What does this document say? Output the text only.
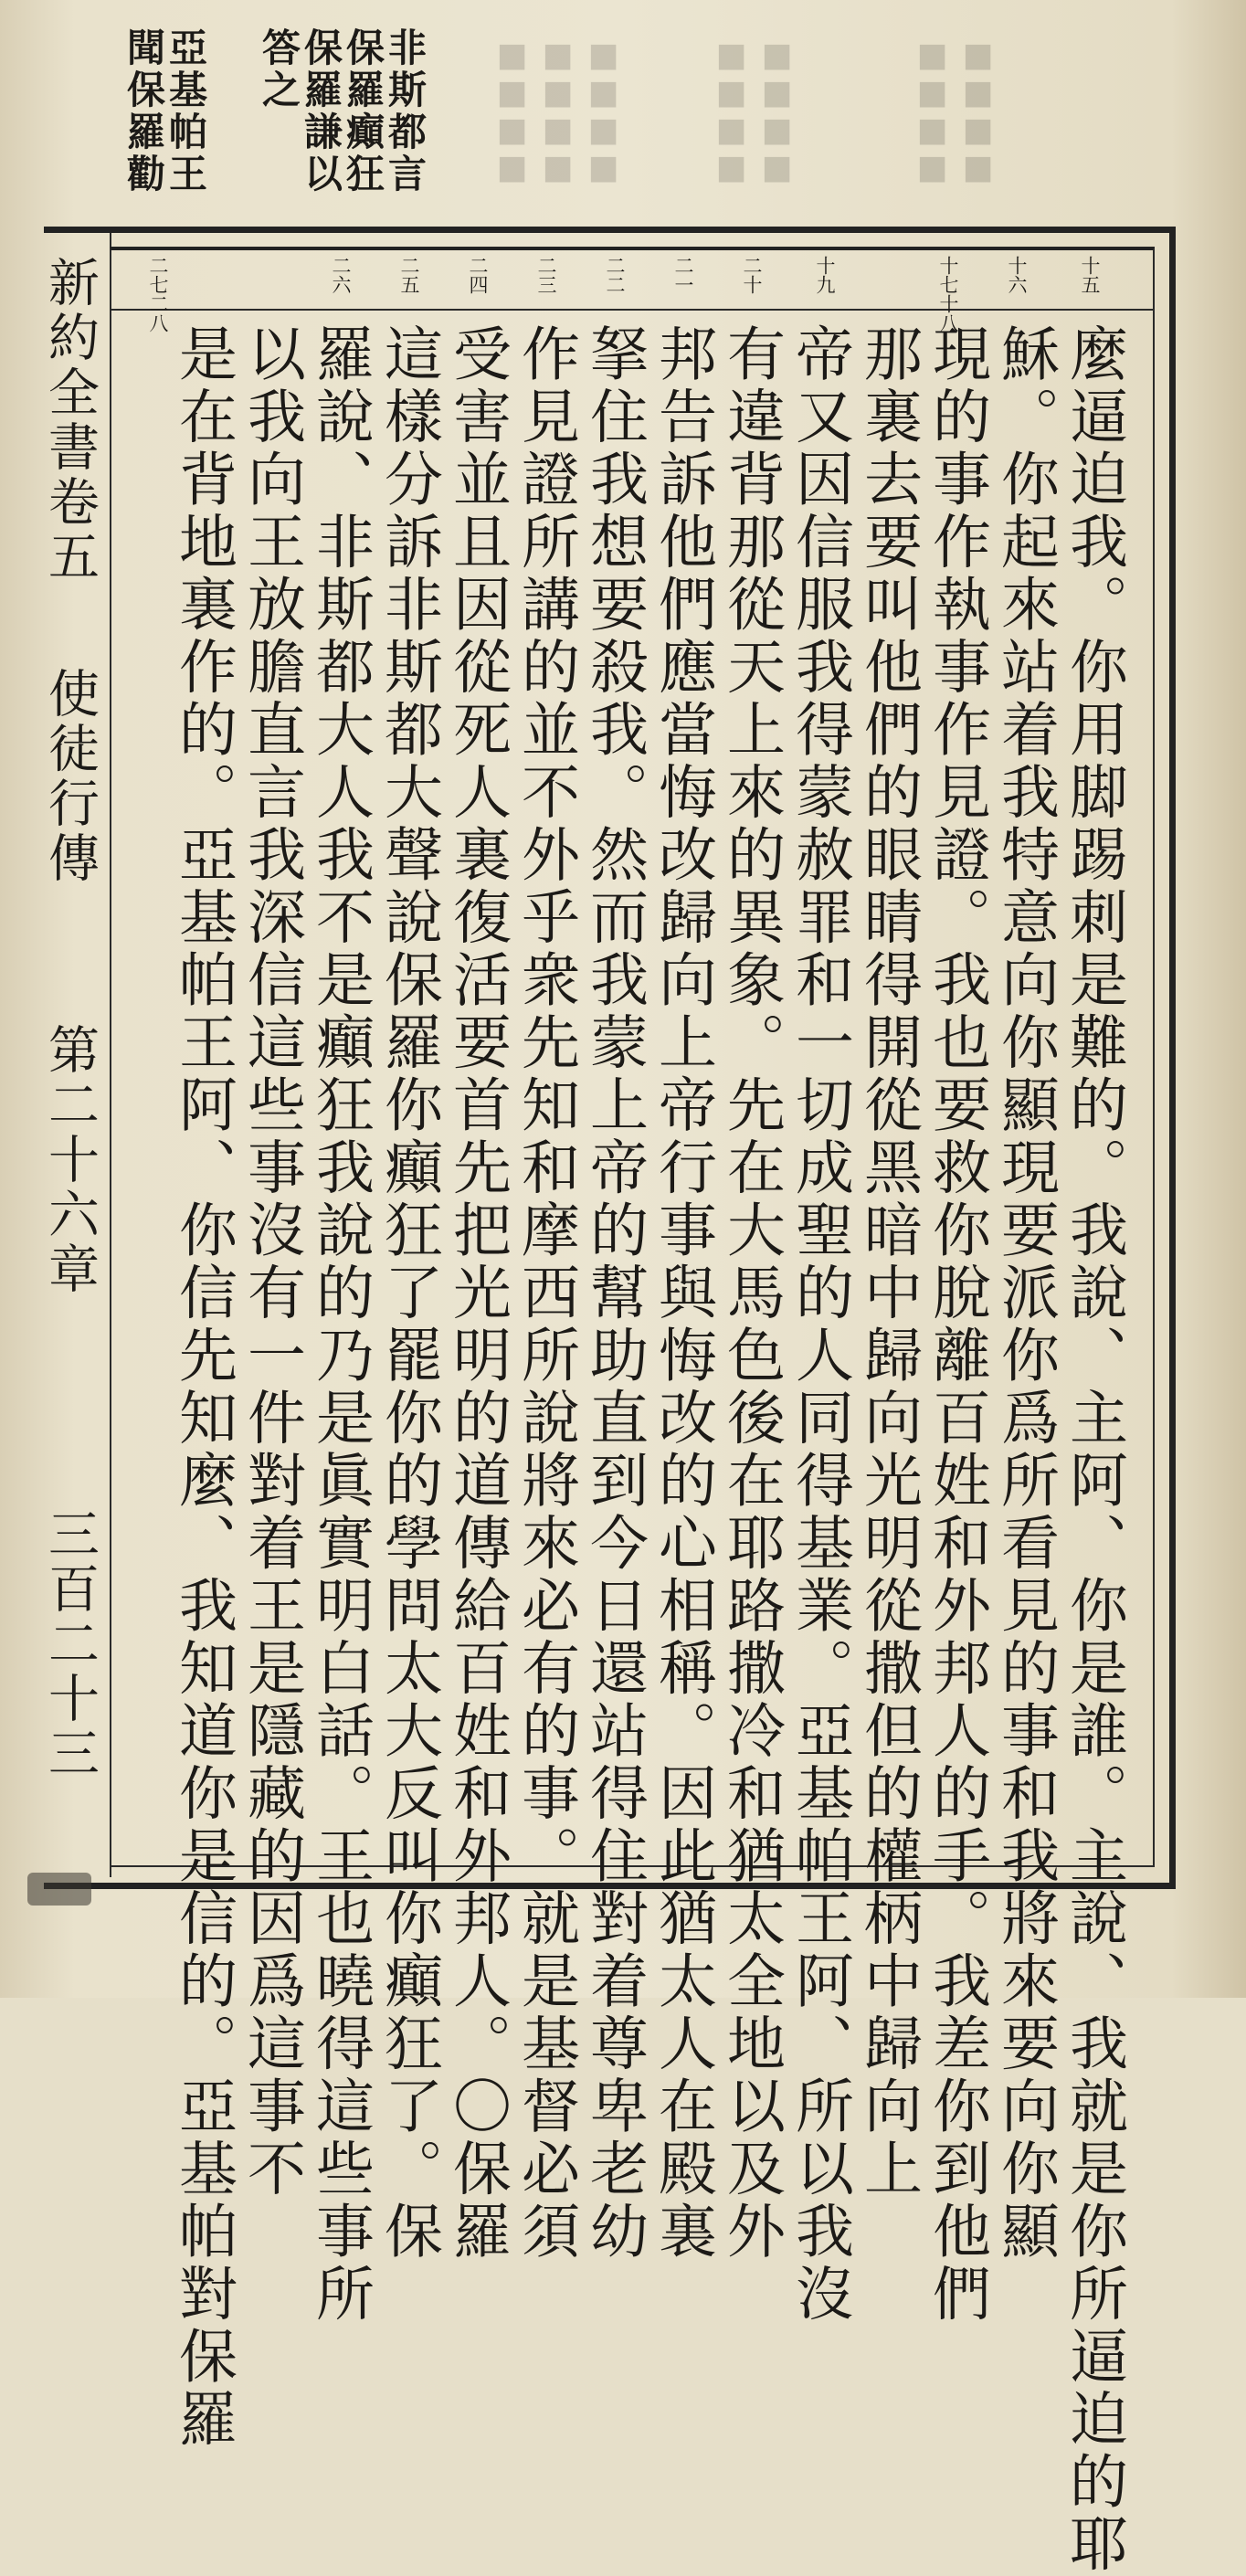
■■■■ ■■■■ ■■■■	■■■■ ■■■■	■■■■ ■■■■
非斯都言
保羅癲狂
保羅謙以
答之
亞基帕王
聞保羅勸
新約全書卷五
使徒行傳
第二十六章
三百二十三
十五
十六
十七十八
十九
二十
二一
二二
二三
二四
二五
二六
二七二八
麼逼迫我。你用脚踢刺是難的。我說、主阿、你是誰。主說、我就是你所逼迫的耶
穌。你起來站着我特意向你顯現要派你爲所看見的事和我將來要向你顯
現的事作執事作見證。我也要救你脫離百姓和外邦人的手。我差你到他們
那裏去要叫他們的眼睛得開從黑暗中歸向光明從撒但的權柄中歸向上
帝又因信服我得蒙赦罪和一切成聖的人同得基業。亞基帕王阿、所以我沒
有違背那從天上來的異象。先在大馬色後在耶路撒冷和猶太全地以及外
邦告訴他們應當悔改歸向上帝行事與悔改的心相稱。因此猶太人在殿裏
拏住我想要殺我。然而我蒙上帝的幫助直到今日還站得住對着尊卑老幼
作見證所講的並不外乎衆先知和摩西所說將來必有的事。就是基督必須
受害並且因從死人裏復活要首先把光明的道傳給百姓和外邦人。〇保羅
這樣分訴非斯都大聲說保羅你癲狂了罷你的學問太大反叫你癲狂了。保
羅說、非斯都大人我不是癲狂我說的乃是眞實明白話。王也曉得這些事所
以我向王放膽直言我深信這些事沒有一件對着王是隱藏的因爲這事不
是在背地裏作的。亞基帕王阿、你信先知麼、我知道你是信的。亞基帕對保羅
